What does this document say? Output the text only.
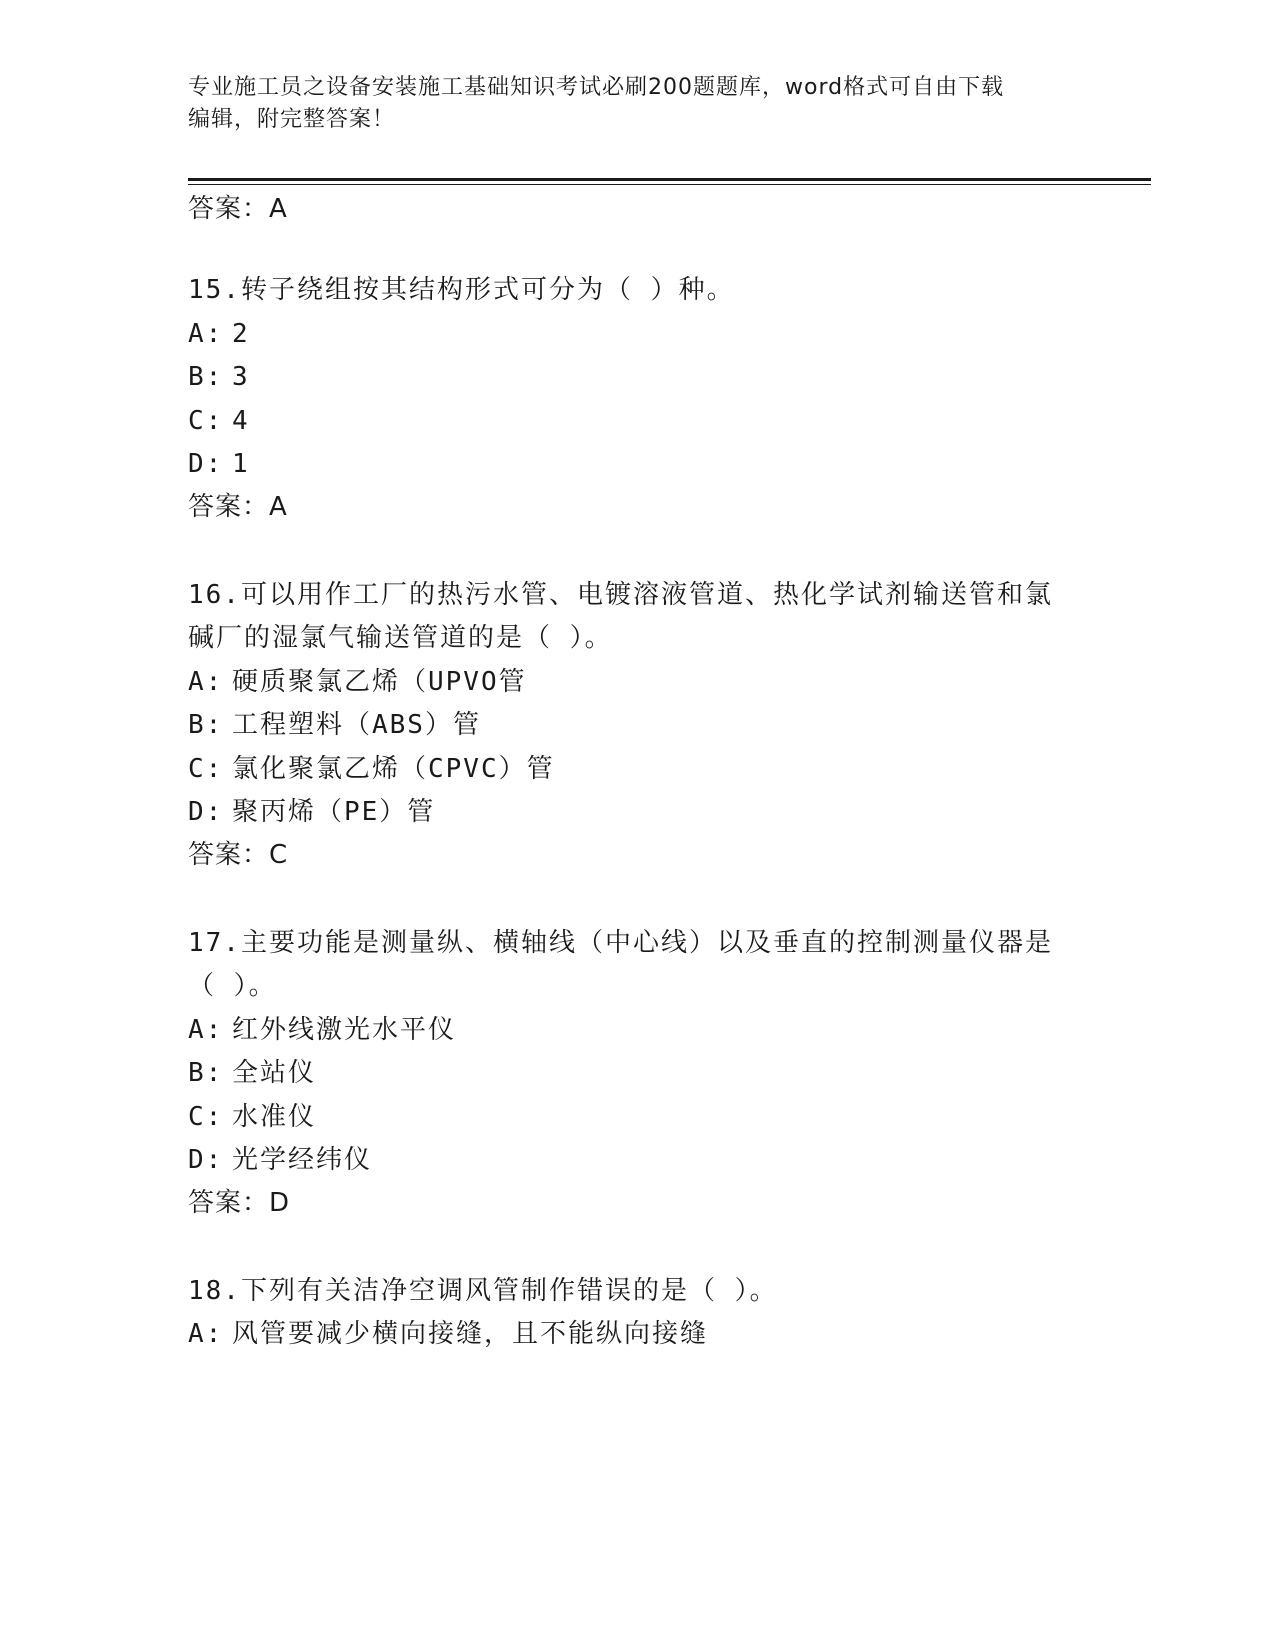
专业施工员之设备安装施工基础知识考试必刷200题题库，word格式可自由下载
编辑，附完整答案！
答案：A
15.转子绕组按其结构形式可分为（ ）种。
A: 2
B: 3
C: 4
D: 1
答案：A
16.可以用作工厂的热污水管、电镀溶液管道、热化学试剂输送管和氯
碱厂的湿氯气输送管道的是（ ）。
A: 硬质聚氯乙烯（UPVO管
B: 工程塑料（ABS）管
C: 氯化聚氯乙烯（CPVC）管
D: 聚丙烯（PE）管
答案：C
17.主要功能是测量纵、横轴线（中心线）以及垂直的控制测量仪器是
（ ）。
A: 红外线激光水平仪
B: 全站仪
C: 水准仪
D: 光学经纬仪
答案：D
18.下列有关洁净空调风管制作错误的是（ ）。
A: 风管要减少横向接缝，且不能纵向接缝
